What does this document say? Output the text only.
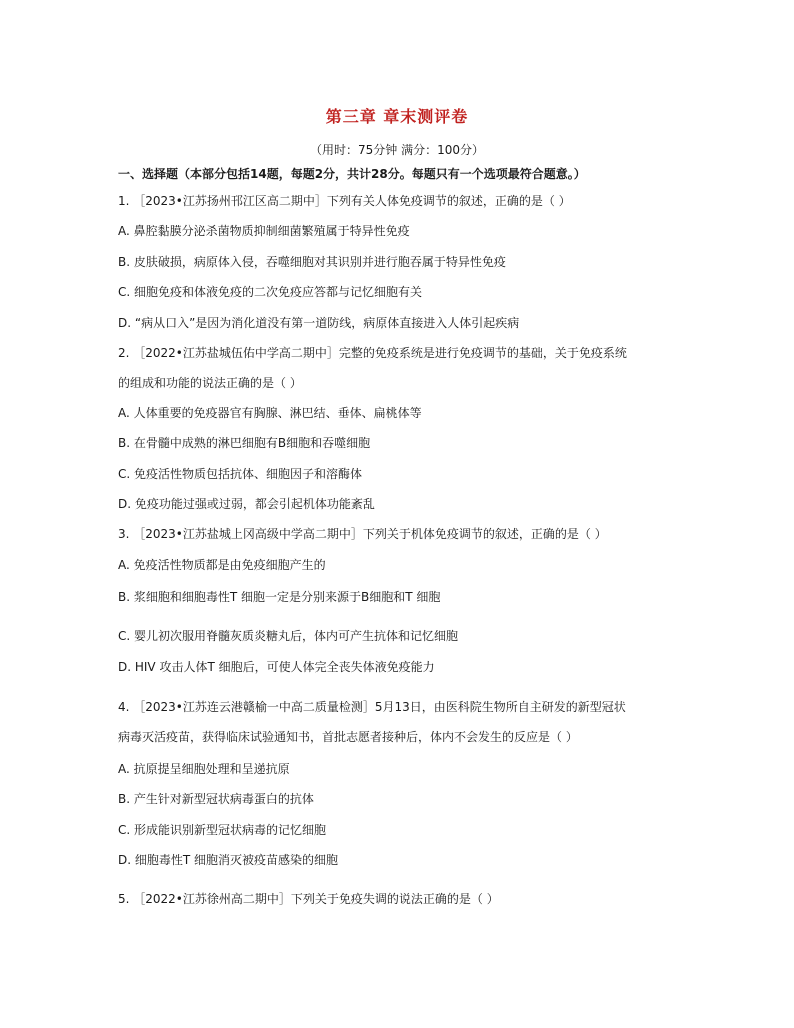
第三章 章末测评卷
（用时：75分钟 满分：100分）
一、选择题（本部分包括14题，每题2分，共计28分。每题只有一个选项最符合题意。）
1. ［2023•江苏扬州邗江区高二期中］下列有关人体免疫调节的叙述，正确的是（ ）
A. 鼻腔黏膜分泌杀菌物质抑制细菌繁殖属于特异性免疫
B. 皮肤破损，病原体入侵，吞噬细胞对其识别并进行胞吞属于特异性免疫
C. 细胞免疫和体液免疫的二次免疫应答都与记忆细胞有关
D. “病从口入”是因为消化道没有第一道防线，病原体直接进入人体引起疾病
2. ［2022•江苏盐城伍佑中学高二期中］完整的免疫系统是进行免疫调节的基础，关于免疫系统
的组成和功能的说法正确的是（ ）
A. 人体重要的免疫器官有胸腺、淋巴结、垂体、扁桃体等
B. 在骨髓中成熟的淋巴细胞有B细胞和吞噬细胞
C. 免疫活性物质包括抗体、细胞因子和溶酶体
D. 免疫功能过强或过弱，都会引起机体功能紊乱
3. ［2023•江苏盐城上冈高级中学高二期中］下列关于机体免疫调节的叙述，正确的是（ ）
A. 免疫活性物质都是由免疫细胞产生的
B. 浆细胞和细胞毒性T 细胞一定是分别来源于B细胞和T 细胞
C. 婴儿初次服用脊髓灰质炎糖丸后，体内可产生抗体和记忆细胞
D. HIV 攻击人体T 细胞后，可使人体完全丧失体液免疫能力
4. ［2023•江苏连云港赣榆一中高二质量检测］5月13日，由医科院生物所自主研发的新型冠状
病毒灭活疫苗，获得临床试验通知书，首批志愿者接种后，体内不会发生的反应是（ ）
A. 抗原提呈细胞处理和呈递抗原
B. 产生针对新型冠状病毒蛋白的抗体
C. 形成能识别新型冠状病毒的记忆细胞
D. 细胞毒性T 细胞消灭被疫苗感染的细胞
5. ［2022•江苏徐州高二期中］下列关于免疫失调的说法正确的是（ ）
